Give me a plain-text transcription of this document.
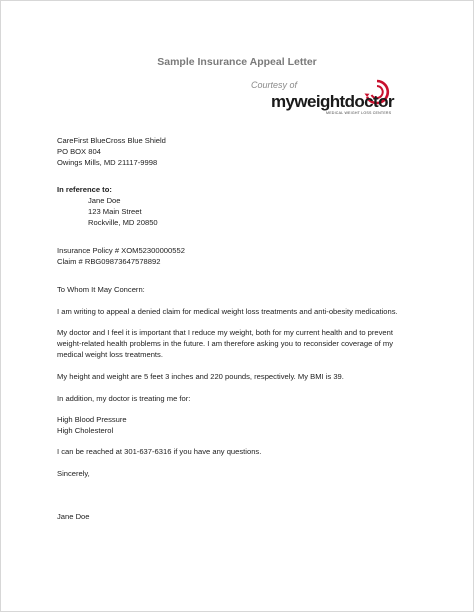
Sample Insurance Appeal Letter
Courtesy of
myweightdoctor
MEDICAL WEIGHT LOSS CENTERS
CareFirst BlueCross Blue Shield
PO BOX 804
Owings Mills, MD 21117-9998
In reference to:
Jane Doe
123 Main Street
Rockville, MD 20850
Insurance Policy # XOM52300000552
Claim # RBG09873647578892
To Whom It May Concern:
I am writing to appeal a denied claim for medical weight loss treatments and anti-obesity medications.
My doctor and I feel it is important that I reduce my weight, both for my current health and to prevent
weight-related health problems in the future. I am therefore asking you to reconsider coverage of my
medical weight loss treatments.
My height and weight are 5 feet 3 inches and 220 pounds, respectively. My BMI is 39.
In addition, my doctor is treating me for:
High Blood Pressure
High Cholesterol
I can be reached at 301-637-6316 if you have any questions.
Sincerely,
Jane Doe
